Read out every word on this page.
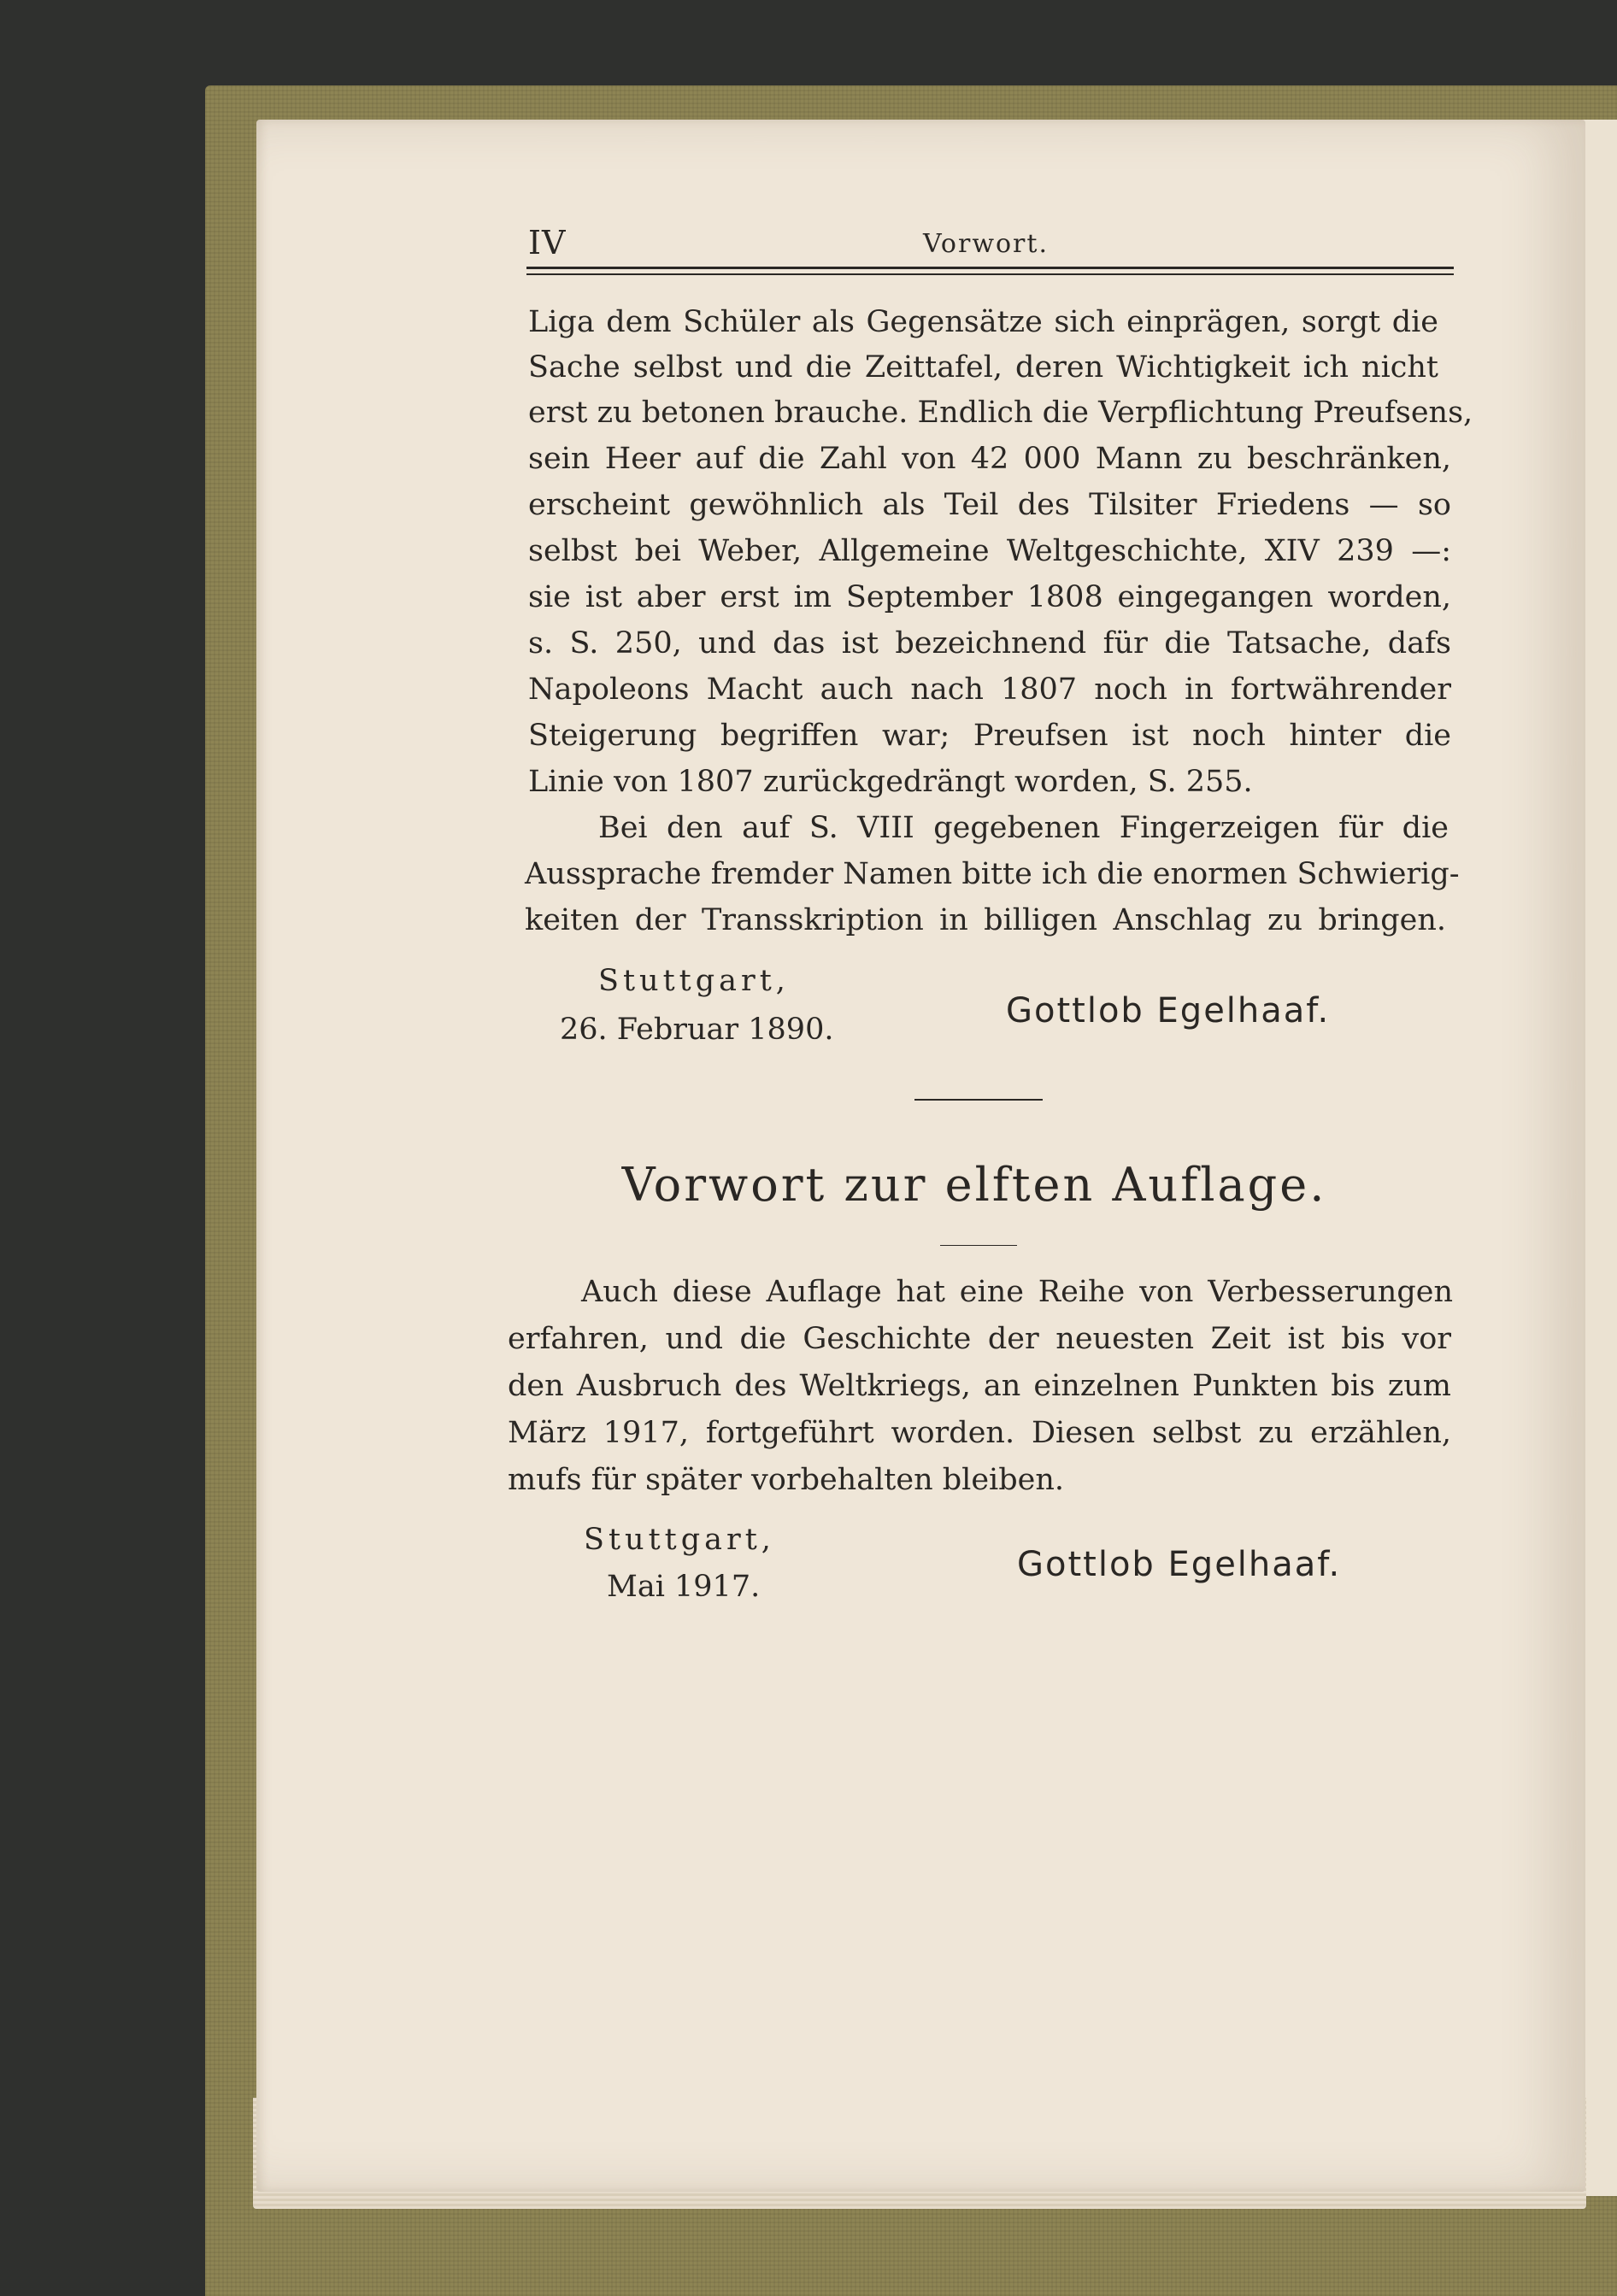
IV	Vorwort.
Liga dem Schüler als Gegensätze sich einprägen, sorgt die
Sache selbst und die Zeittafel, deren Wichtigkeit ich nicht
erst zu betonen brauche. Endlich die Verpflichtung Preufsens,
sein Heer auf die Zahl von 42 000 Mann zu beschränken,
erscheint gewöhnlich als Teil des Tilsiter Friedens — so
selbst bei Weber, Allgemeine Weltgeschichte, XIV 239 —:
sie ist aber erst im September 1808 eingegangen worden,
s. S. 250, und das ist bezeichnend für die Tatsache, dafs
Napoleons Macht auch nach 1807 noch in fortwährender
Steigerung begriffen war; Preufsen ist noch hinter die
Linie von 1807 zurückgedrängt worden, S. 255.
Bei den auf S. VIII gegebenen Fingerzeigen für die
Aussprache fremder Namen bitte ich die enormen Schwierig-
keiten der Transskription in billigen Anschlag zu bringen.
Stuttgart,
26. Februar 1890.	Gottlob Egelhaaf.
Vorwort zur elften Auflage.
Auch diese Auflage hat eine Reihe von Verbesserungen
erfahren, und die Geschichte der neuesten Zeit ist bis vor
den Ausbruch des Weltkriegs, an einzelnen Punkten bis zum
März 1917, fortgeführt worden. Diesen selbst zu erzählen,
mufs für später vorbehalten bleiben.
Stuttgart,
Mai 1917.
Gottlob Egelhaaf.
